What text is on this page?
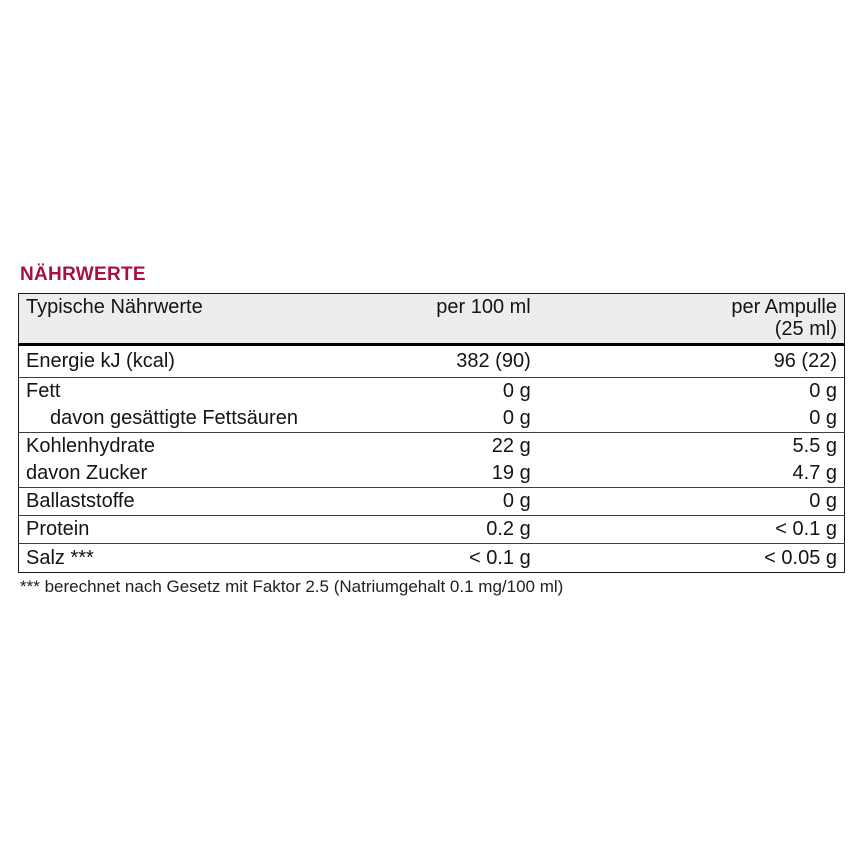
NÄHRWERTE
Typische Nährwerte	per 100 ml	per Ampulle
(25 ml)

Energie kJ (kcal)	382 (90)	96 (22)
Fett	0 g	0 g
davon gesättigte Fettsäuren	0 g	0 g
Kohlenhydrate	22 g	5.5 g
davon Zucker	19 g	4.7 g
Ballaststoffe	0 g	0 g
Protein	0.2 g	< 0.1 g
Salz ***	< 0.1 g	< 0.05 g
*** berechnet nach Gesetz mit Faktor 2.5 (Natriumgehalt 0.1 mg/100 ml)
